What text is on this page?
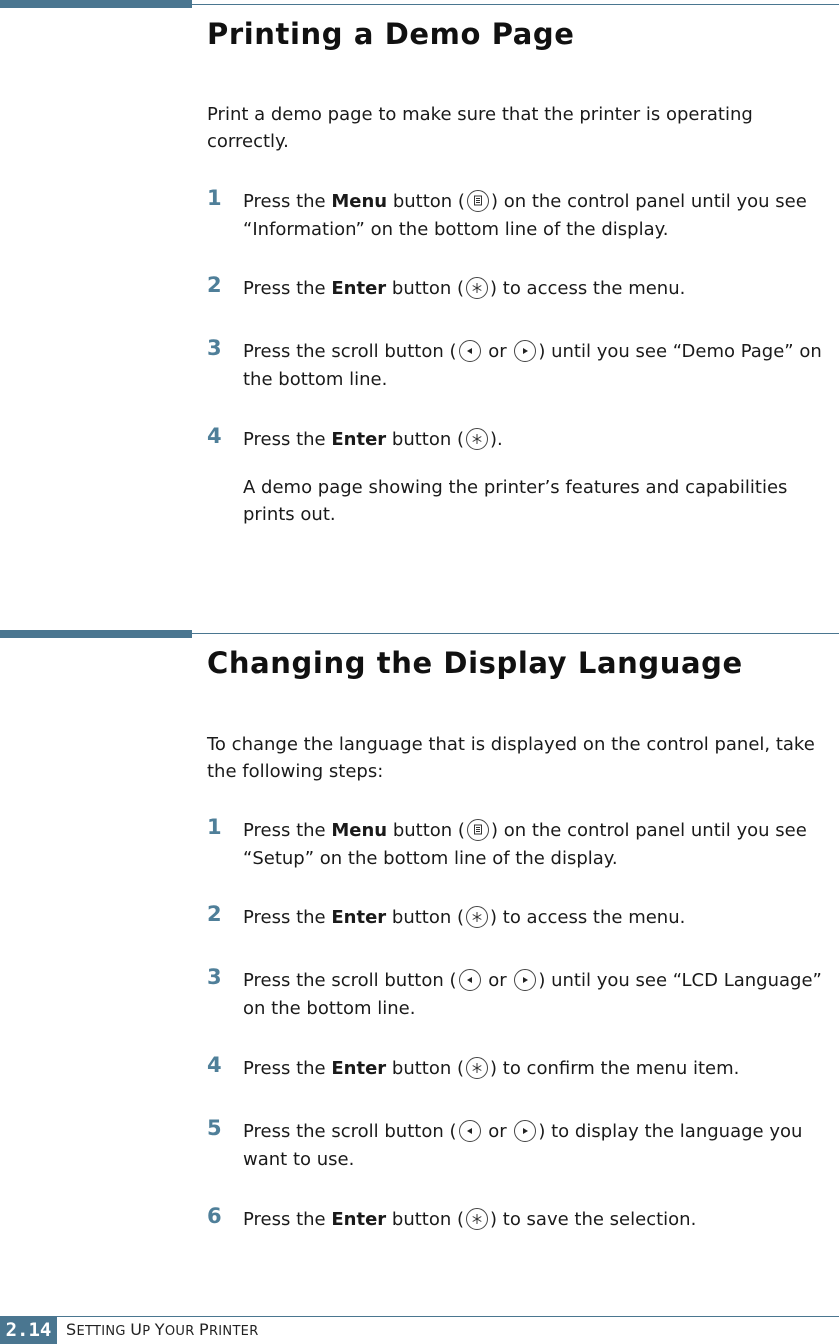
Printing a Demo Page

Print a demo page to make sure that the printer is operating correctly.

1 Press the Menu button ( ) on the control panel until you see “Information” on the bottom line of the display.
2 Press the Enter button ( ) to access the menu.
3 Press the scroll button (
or
) until you see “Demo Page” on the bottom line.
4 Press the Enter button ( ).

A demo page showing the printer’s features and capabilities prints out.

Changing the Display Language

To change the language that is displayed on the control panel, take the following steps:

1 Press the Menu button ( ) on the control panel until you see “Setup” on the bottom line of the display.
2 Press the Enter button ( ) to access the menu.
3 Press the scroll button (
or
) until you see “LCD Language” on the bottom line.
4 Press the Enter button ( ) to confirm the menu item.
5 Press the scroll button (
or
) to display the language you want to use.
6 Press the Enter button ( ) to save the selection.
2.14 SETTING UP YOUR PRINTER
